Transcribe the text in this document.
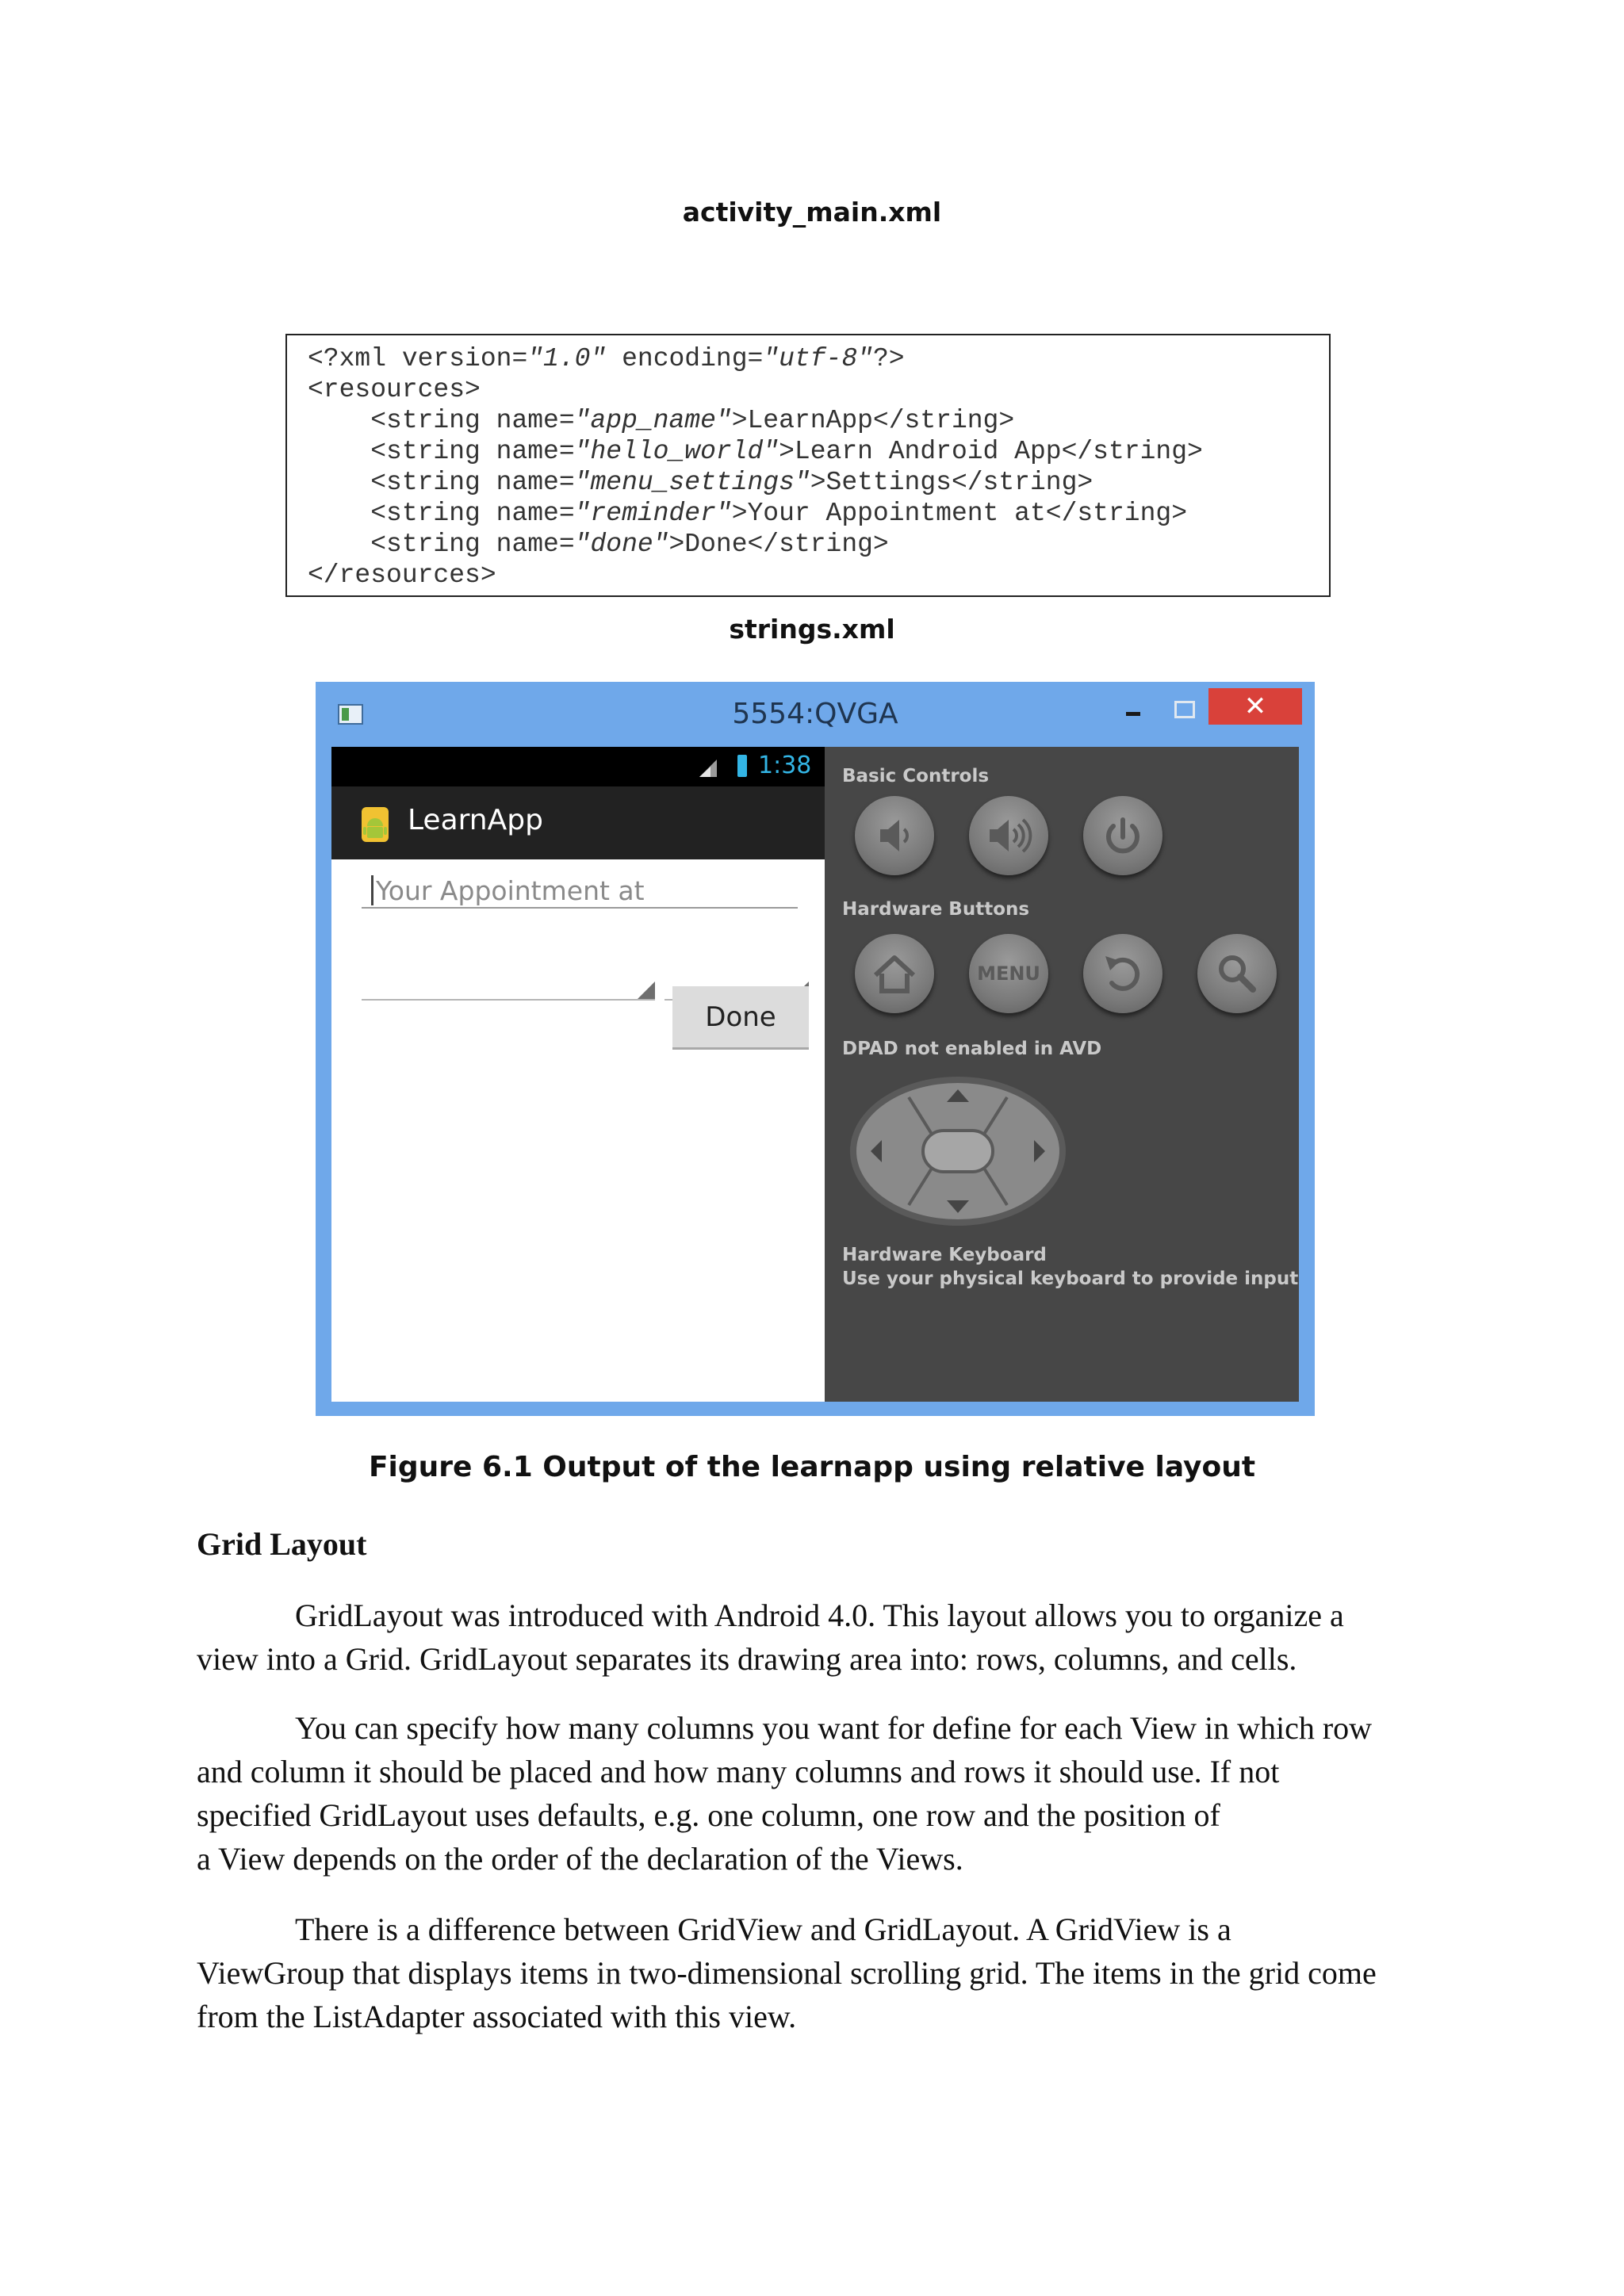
activity_main.xml
<?xml version="1.0" encoding="utf-8"?>
<resources>
<string name="app_name">LearnApp</string>
<string name="hello_world">Learn Android App</string>
<string name="menu_settings">Settings</string>
<string name="reminder">Your Appointment at</string>
<string name="done">Done</string>
</resources>
strings.xml
5554:QVGA	✕
1:38
LearnApp
Your Appointment at
Done
Basic Controls
Hardware Buttons
MENU
DPAD not enabled in AVD
Hardware Keyboard
Use your physical keyboard to provide input
Figure 6.1 Output of the learnapp using relative layout
Grid Layout
GridLayout was introduced with Android 4.0. This layout allows you to organize a
view into a Grid. GridLayout separates its drawing area into: rows, columns, and cells.
You can specify how many columns you want for define for each View in which row
and column it should be placed and how many columns and rows it should use. If not
specified GridLayout uses defaults, e.g. one column, one row and the position of
a View depends on the order of the declaration of the Views.
There is a difference between GridView and GridLayout. A GridView is a
ViewGroup that displays items in two-dimensional scrolling grid. The items in the grid come
from the ListAdapter associated with this view.
